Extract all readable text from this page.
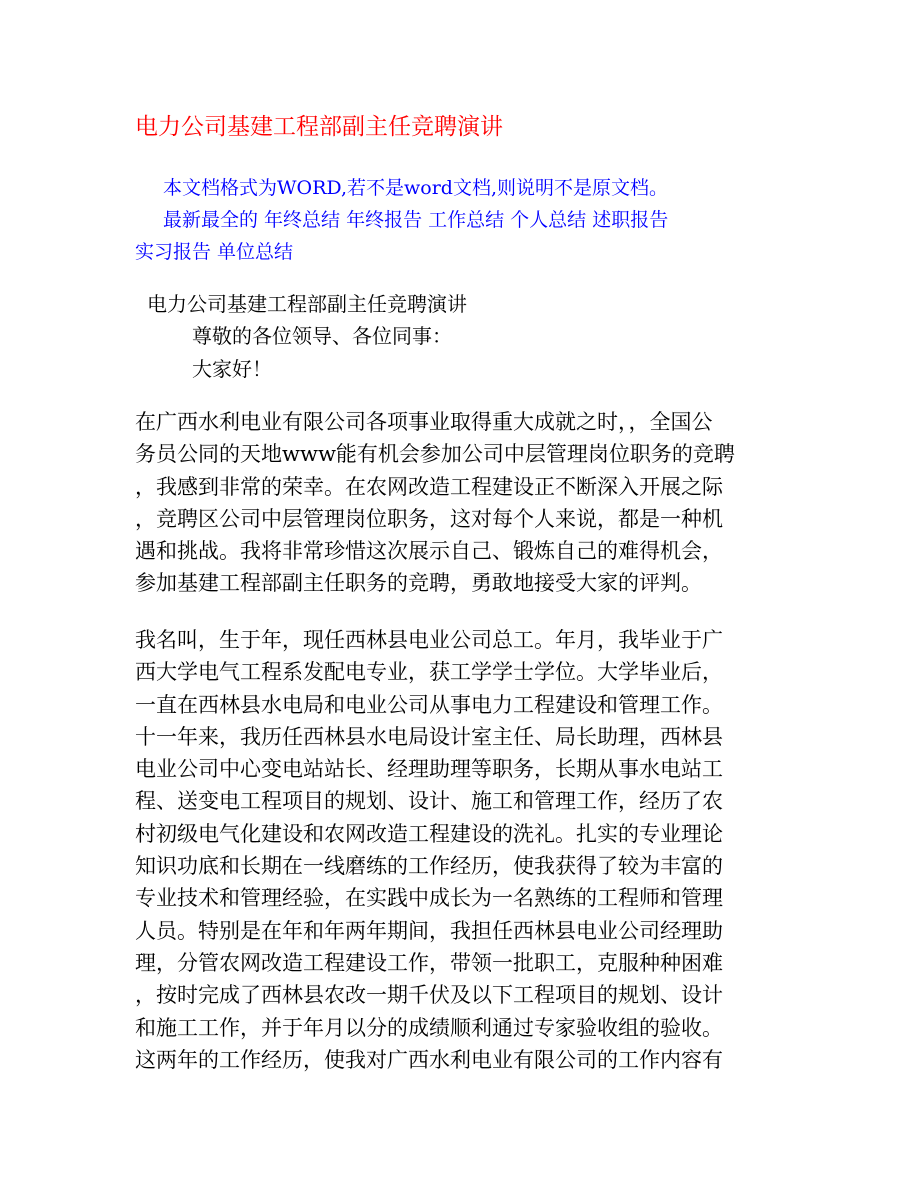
电力公司基建工程部副主任竞聘演讲
本文档格式为WORD,若不是word文档,则说明不是原文档。
最新最全的 年终总结 年终报告 工作总结 个人总结 述职报告
实习报告 单位总结
电力公司基建工程部副主任竞聘演讲
尊敬的各位领导、各位同事：
大家好！
在广西水利电业有限公司各项事业取得重大成就之时，，全国公
务员公同的天地www能有机会参加公司中层管理岗位职务的竞聘
，我感到非常的荣幸。在农网改造工程建设正不断深入开展之际
，竞聘区公司中层管理岗位职务，这对每个人来说，都是一种机
遇和挑战。我将非常珍惜这次展示自己、锻炼自己的难得机会，
参加基建工程部副主任职务的竞聘，勇敢地接受大家的评判。
我名叫，生于年，现任西林县电业公司总工。年月，我毕业于广
西大学电气工程系发配电专业，获工学学士学位。大学毕业后，
一直在西林县水电局和电业公司从事电力工程建设和管理工作。
十一年来，我历任西林县水电局设计室主任、局长助理，西林县
电业公司中心变电站站长、经理助理等职务，长期从事水电站工
程、送变电工程项目的规划、设计、施工和管理工作，经历了农
村初级电气化建设和农网改造工程建设的洗礼。扎实的专业理论
知识功底和长期在一线磨练的工作经历，使我获得了较为丰富的
专业技术和管理经验，在实践中成长为一名熟练的工程师和管理
人员。特别是在年和年两年期间，我担任西林县电业公司经理助
理，分管农网改造工程建设工作，带领一批职工，克服种种困难
，按时完成了西林县农改一期千伏及以下工程项目的规划、设计
和施工工作，并于年月以分的成绩顺利通过专家验收组的验收。
这两年的工作经历，使我对广西水利电业有限公司的工作内容有
